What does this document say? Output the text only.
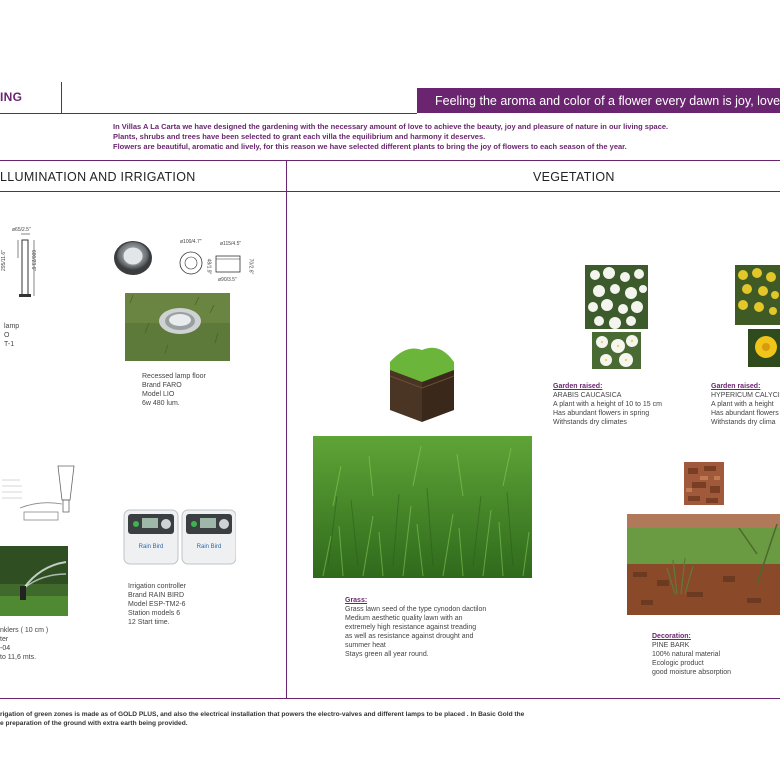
ING	Feeling the aroma and color of a flower every dawn is joy, love
In Villas A La Carta we have designed the gardening with the necessary amount of love to achieve the beauty, joy and pleasure of nature in our living space.
Plants, shrubs and trees have been selected to grant each villa the equilibrium and harmony it deserves.
Flowers are beautiful, aromatic and lively, for this reason we have selected different plants to bring the joy of flowers to each season of the year.
LLUMINATION AND IRRIGATION	VEGETATION
ø65/2.5"
295/11.6"	600/23.6"
lamp
O
T-1
ø100/4.7"	ø115/4.5"
ø90/3.5"
70/2.6"
48/1.9"
Recessed lamp floor
Brand FARO
Model LIO
6w 480 lum.
nklers ( 10 cm )
ter
-04
to 11,6 mts.
Rain Bird	Rain Bird
Irrigation controller
Brand RAIN BIRD
Model ESP-TM2-6
Station models 6
12 Start time.
Grass:
Grass lawn seed of the type cynodon dactilon
Medium aesthetic quality lawn with an
extremely high resistance against treading
as well as resistance against drought and
summer heat
Stays green all year round.
Garden raised:
ARABIS CAUCASICA
A plant with a height of 10 to 15 cm
Has abundant flowers in spring
Withstands dry climates
Garden raised:
HYPERICUM CALYCI
A plant with a height
Has abundant flowers
Withstands dry clima
Decoration:
PINE BARK
100% natural material
Ecologic product
good moisture absorption
rigation of green zones is made as of GOLD PLUS, and also the electrical installation that powers the electro-valves and different lamps to be placed . In Basic Gold the
e preparation of the ground with extra earth being provided.
